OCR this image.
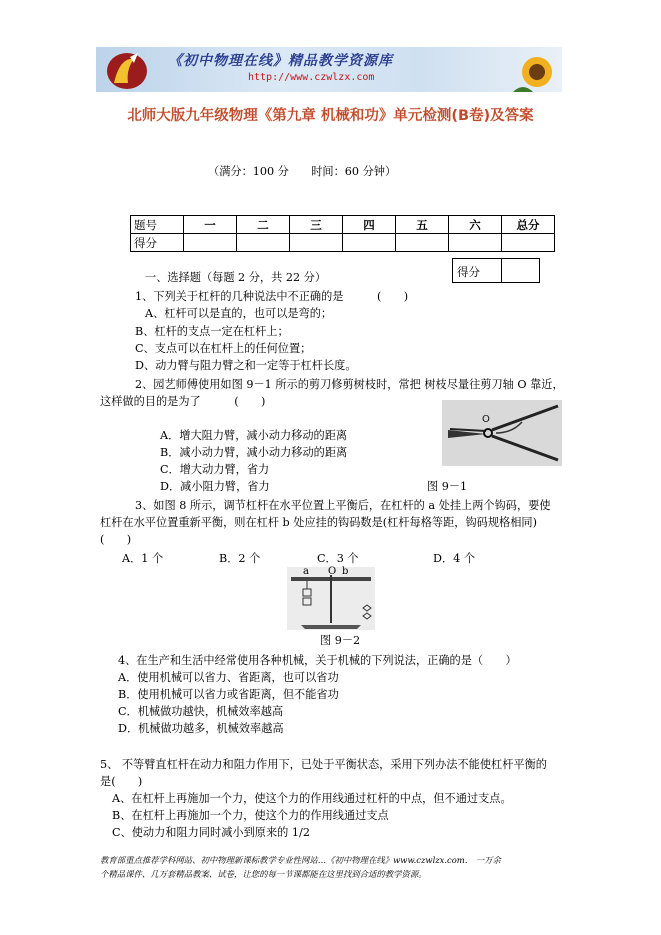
《初中物理在线》精品教学资源库
http://www.czwlzx.com
北师大版九年级物理《第九章 机械和功》单元检测(B卷)及答案
（满分：100 分　　时间：60 分钟）
题号	一	二	三	四	五	六	总分
得分							
得分
一、选择题（每题 2 分，共 22 分）
1、下列关于杠杆的几种说法中不正确的是　　　(　　)
A、杠杆可以是直的，也可以是弯的；
B、杠杆的支点一定在杠杆上；
C、支点可以在杠杆上的任何位置；
D、动力臂与阻力臂之和一定等于杠杆长度。
2、园艺师傅使用如图 9－1 所示的剪刀修剪树枝时，常把 树枝尽量往剪刀轴 O 靠近，
这样做的目的是为了　　　(　　)
A．增大阻力臂，减小动力移动的距离
B．减小动力臂，减小动力移动的距离
C．增大动力臂，省力
D．减小阻力臂，省力	图 9－1
O
3、如图 8 所示，调节杠杆在水平位置上平衡后，在杠杆的 a 处挂上两个钩码，要使
杠杆在水平位置重新平衡，则在杠杆 b 处应挂的钩码数是(杠杆每格等距，钩码规格相同)
(　　)
A．1 个	B．2 个	C．3 个	D．4 个
a O b
图 9－2
4、在生产和生活中经常使用各种机械，关于机械的下列说法，正确的是（　　）
A．使用机械可以省力、省距离，也可以省功
B．使用机械可以省力或省距离，但不能省功
C．机械做功越快，机械效率越高
D．机械做功越多，机械效率越高
5、 不等臂直杠杆在动力和阻力作用下，已处于平衡状态，采用下列办法不能使杠杆平衡的
是(　　)
A、在杠杆上再施加一个力，使这个力的作用线通过杠杆的中点，但不通过支点。
B、在杠杆上再施加一个力，使这个力的作用线通过支点
C、使动力和阻力同时减小到原来的 1/2
教育部重点推荐学科网站、初中物理新课标教学专业性网站…《初中物理在线》www.czwlzx.com． 一万余
个精品课件、几万套精品教案、试卷，让您的每一节课都能在这里找到合适的教学资源。
